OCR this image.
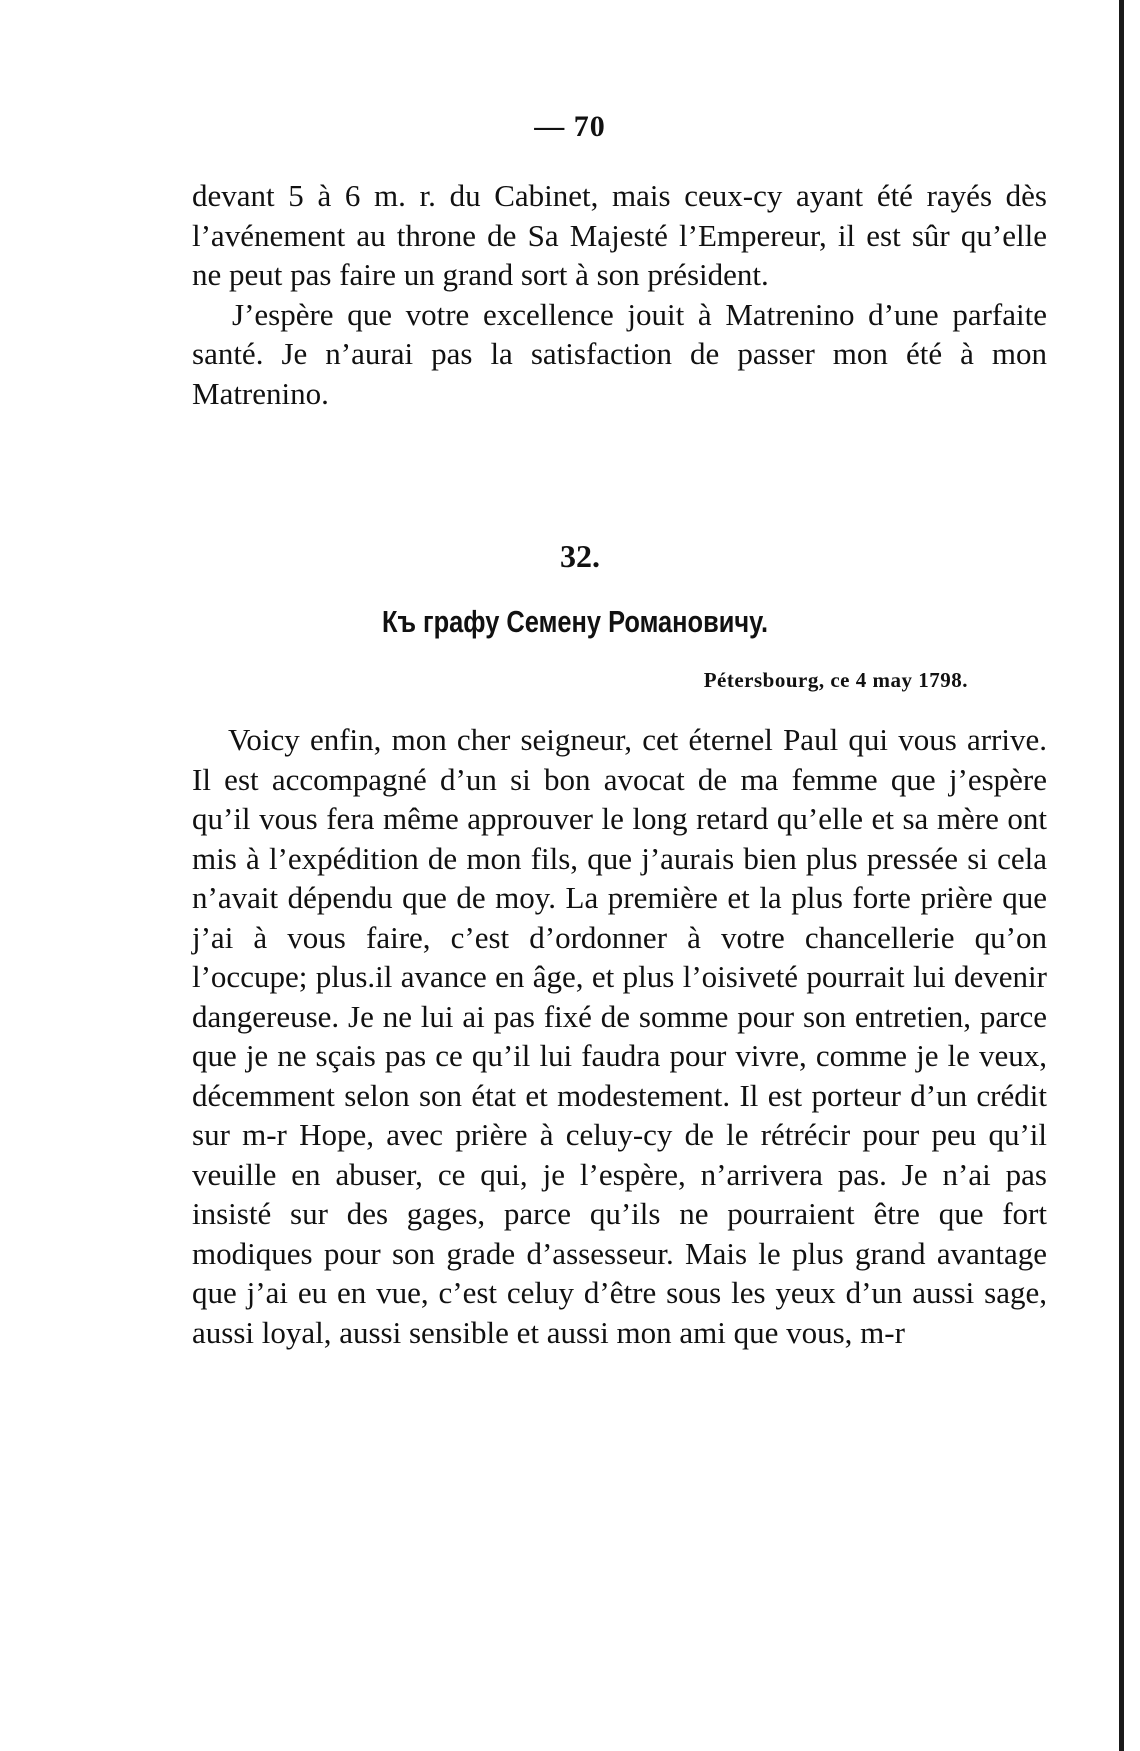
— 70

devant 5 à 6 m. r. du Cabinet, mais ceux-cy ayant été rayés dès l’avénement au throne de Sa Majesté l’Empereur, il est sûr qu’elle ne peut pas faire un grand sort à son président.

J’espère que votre excellence jouit à Matrenino d’une parfaite santé. Je n’aurai pas la satisfaction de passer mon été à mon Matrenino.

32.
Къ графу Семену Романовичу.
Pétersbourg, ce 4 may 1798.

Voicy enfin, mon cher seigneur, cet éternel Paul qui vous arrive. Il est accompagné d’un si bon avocat de ma femme que j’espère qu’il vous fera même approuver le long retard qu’elle et sa mère ont mis à l’expédition de mon fils, que j’aurais bien plus pressée si cela n’avait dépendu que de moy. La première et la plus forte prière que j’ai à vous faire, c’est d’ordonner à votre chancellerie qu’on l’occupe; plus.il avance en âge, et plus l’oisiveté pourrait lui devenir dangereuse. Je ne lui ai pas fixé de somme pour son entretien, parce que je ne sçais pas ce qu’il lui faudra pour vivre, comme je le veux, décemment selon son état et modestement. Il est porteur d’un crédit sur m-r Hope, avec prière à celuy-cy de le rétrécir pour peu qu’il veuille en abuser, ce qui, je l’espère, n’arrivera pas. Je n’ai pas insisté sur des gages, parce qu’ils ne pourraient être que fort modiques pour son grade d’assesseur. Mais le plus grand avantage que j’ai eu en vue, c’est celuy d’être sous les yeux d’un aussi sage, aussi loyal, aussi sensible et aussi mon ami que vous, m-r
